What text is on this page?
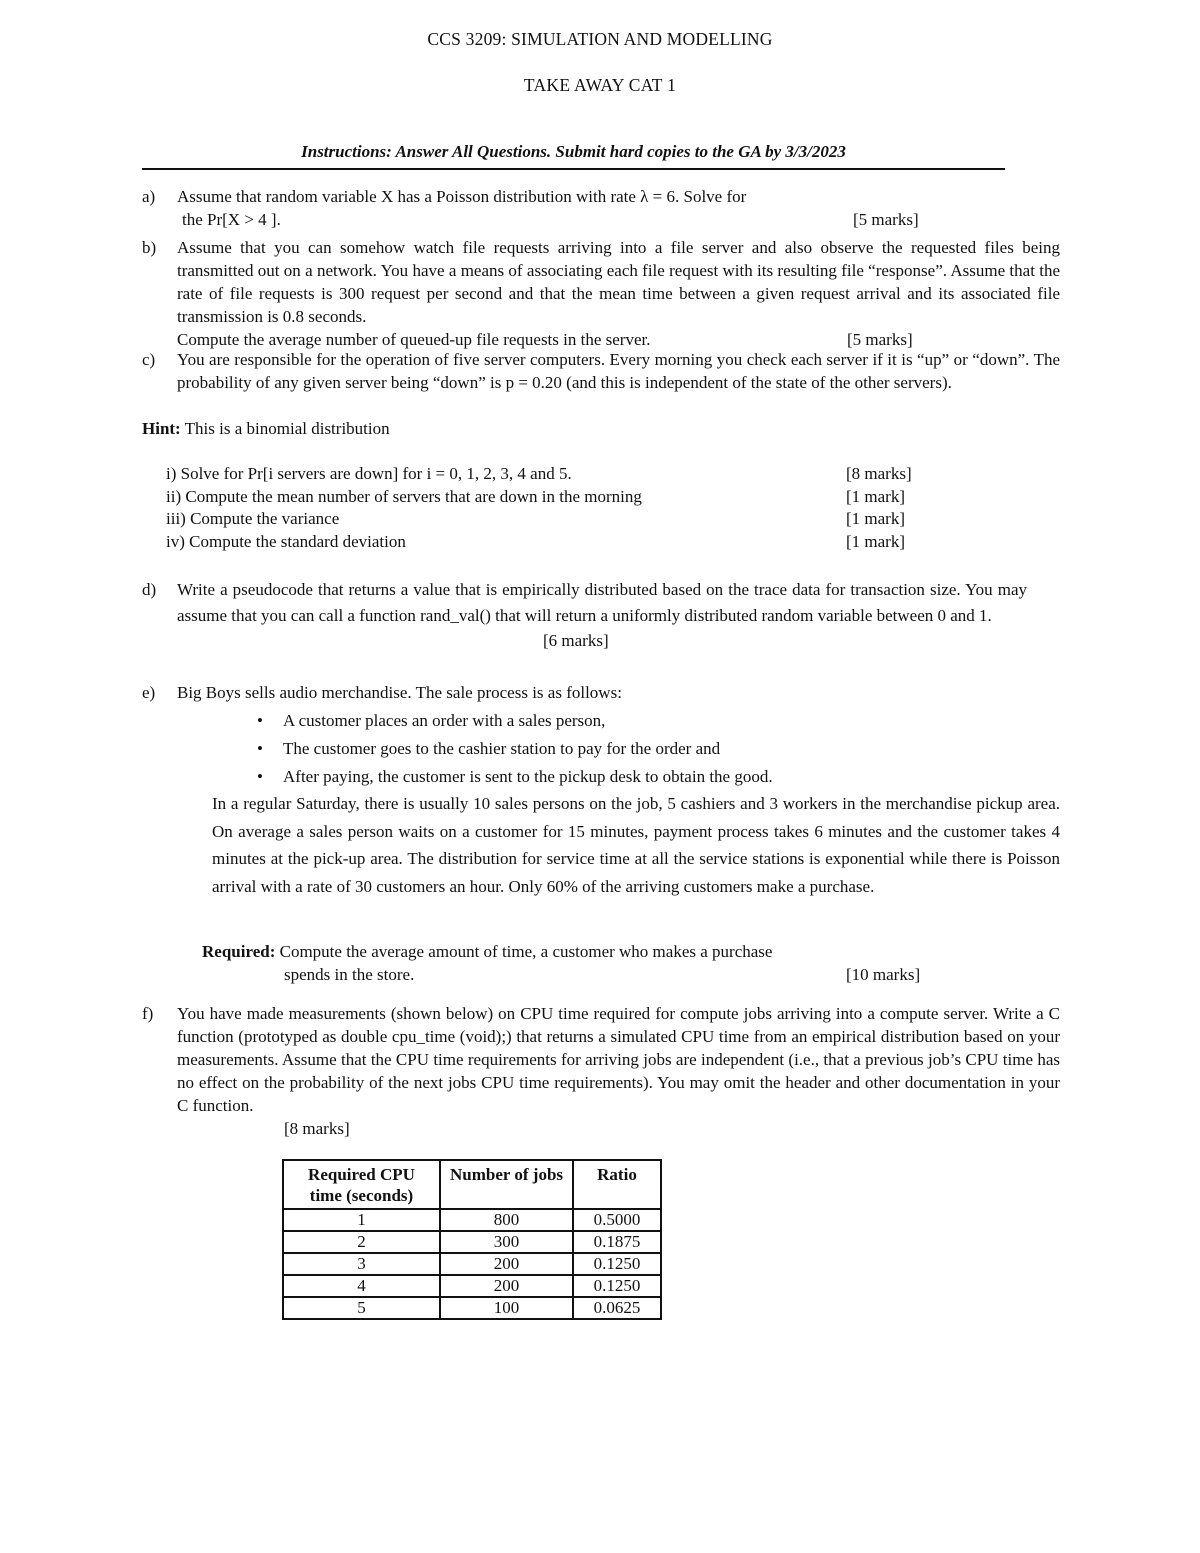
CCS 3209: SIMULATION AND MODELLING
TAKE AWAY CAT 1
Instructions: Answer All Questions. Submit hard copies to the GA by 3/3/2023
a) Assume that random variable X has a Poisson distribution with rate λ = 6. Solve for
the Pr[X > 4 ].	[5 marks]
b) Assume that you can somehow watch file requests arriving into a file server and also observe the requested files being transmitted out on a network. You have a means of associating each file request with its resulting file “response”. Assume that the rate of file requests is 300 request per second and that the mean time between a given request arrival and its associated file transmission is 0.8 seconds.
Compute the average number of queued-up file requests in the server.	[5 marks]
c) You are responsible for the operation of five server computers. Every morning you check each server if it is “up” or “down”. The probability of any given server being “down” is p = 0.20 (and this is independent of the state of the other servers).
Hint: This is a binomial distribution
i) Solve for Pr[i servers are down] for i = 0, 1, 2, 3, 4 and 5.	[8 marks]
ii) Compute the mean number of servers that are down in the morning	[1 mark]
iii) Compute the variance	[1 mark]
iv) Compute the standard deviation	[1 mark]
d) Write a pseudocode that returns a value that is empirically distributed based on the trace data for transaction size. You may assume that you can call a function rand_val() that will return a uniformly distributed random variable between 0 and 1.
[6 marks]
e) Big Boys sells audio merchandise. The sale process is as follows:
• A customer places an order with a sales person,
• The customer goes to the cashier station to pay for the order and
• After paying, the customer is sent to the pickup desk to obtain the good.
In a regular Saturday, there is usually 10 sales persons on the job, 5 cashiers and 3 workers in the merchandise pickup area. On average a sales person waits on a customer for 15 minutes, payment process takes 6 minutes and the customer takes 4 minutes at the pick-up area. The distribution for service time at all the service stations is exponential while there is Poisson arrival with a rate of 30 customers an hour. Only 60% of the arriving customers make a purchase.
Required: Compute the average amount of time, a customer who makes a purchase
spends in the store.	[10 marks]
f) You have made measurements (shown below) on CPU time required for compute jobs arriving into a compute server. Write a C function (prototyped as double cpu_time (void);) that returns a simulated CPU time from an empirical distribution based on your measurements. Assume that the CPU time requirements for arriving jobs are independent (i.e., that a previous job’s CPU time has no effect on the probability of the next jobs CPU time requirements). You may omit the header and other documentation in your C function.
[8 marks]
Required CPU time (seconds)	Number of jobs	Ratio
1	800	0.5000
2	300	0.1875
3	200	0.1250
4	200	0.1250
5	100	0.0625
